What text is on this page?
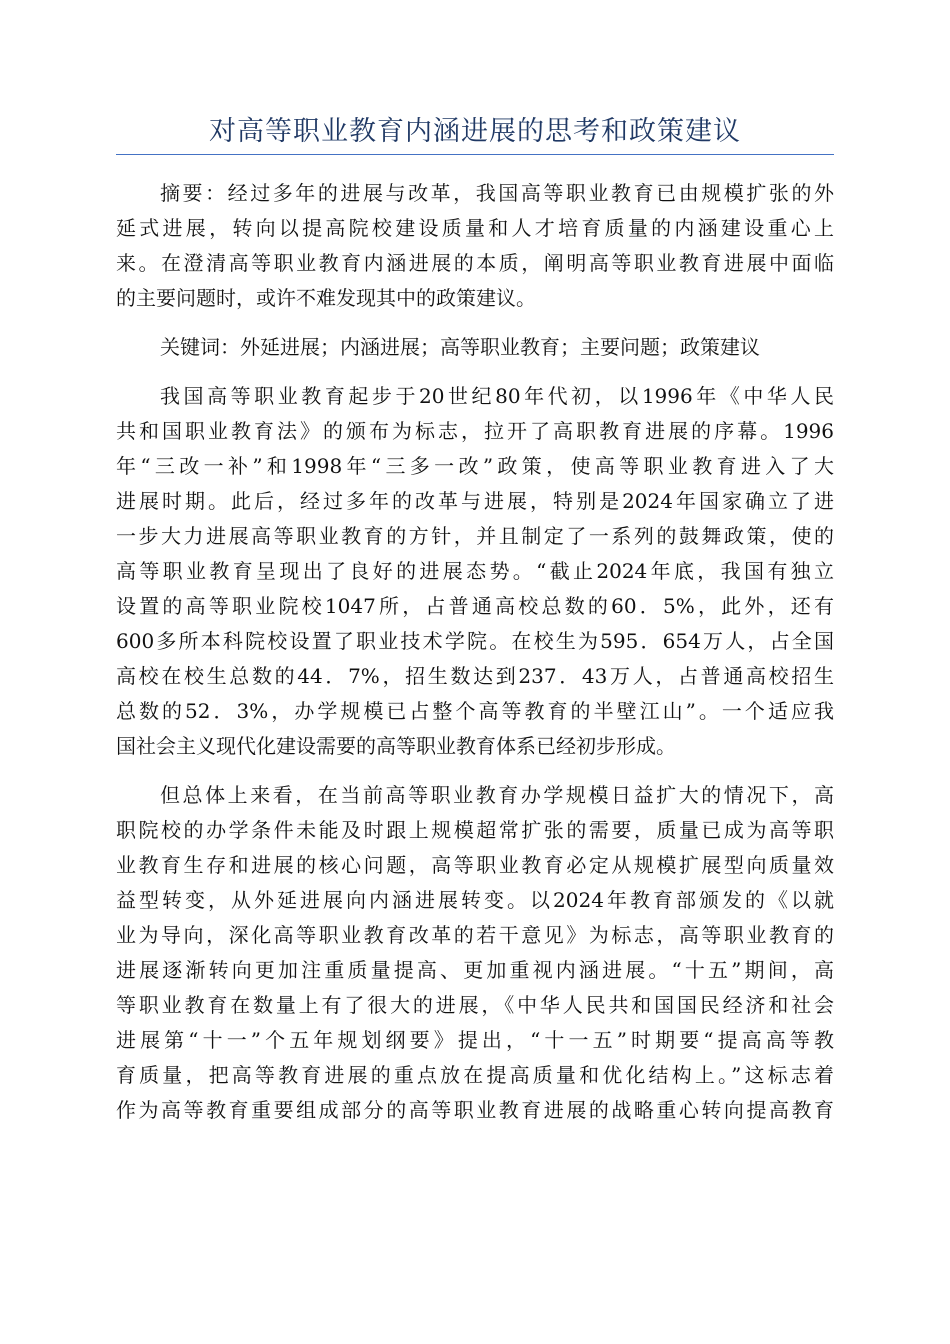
对高等职业教育内涵进展的思考和政策建议
摘要：经过多年的进展与改革，我国高等职业教育已由规模扩张的外
延式进展，转向以提高院校建设质量和人才培育质量的内涵建设重心上
来。在澄清高等职业教育内涵进展的本质，阐明高等职业教育进展中面临
的主要问题时，或许不难发现其中的政策建议。
关键词：外延进展；内涵进展；高等职业教育；主要问题；政策建议
我国高等职业教育起步于20世纪80年代初，以1996年《中华人民
共和国职业教育法》的颁布为标志，拉开了高职教育进展的序幕。1996
年“三改一补”和1998年“三多一改”政策，使高等职业教育进入了大
进展时期。此后，经过多年的改革与进展，特别是2024年国家确立了进
一步大力进展高等职业教育的方针，并且制定了一系列的鼓舞政策，使的
高等职业教育呈现出了良好的进展态势。“截止2024年底，我国有独立
设置的高等职业院校1047所，占普通高校总数的60．5%，此外，还有
600多所本科院校设置了职业技术学院。在校生为595．654万人，占全国
高校在校生总数的44．7%，招生数达到237．43万人，占普通高校招生
总数的52．3%，办学规模已占整个高等教育的半壁江山”。一个适应我
国社会主义现代化建设需要的高等职业教育体系已经初步形成。
但总体上来看，在当前高等职业教育办学规模日益扩大的情况下，高
职院校的办学条件未能及时跟上规模超常扩张的需要，质量已成为高等职
业教育生存和进展的核心问题，高等职业教育必定从规模扩展型向质量效
益型转变，从外延进展向内涵进展转变。以2024年教育部颁发的《以就
业为导向，深化高等职业教育改革的若干意见》为标志，高等职业教育的
进展逐渐转向更加注重质量提高、更加重视内涵进展。“十五”期间，高
等职业教育在数量上有了很大的进展，《中华人民共和国国民经济和社会
进展第“十一”个五年规划纲要》提出，“十一五”时期要“提高高等教
育质量，把高等教育进展的重点放在提高质量和优化结构上。”这标志着
作为高等教育重要组成部分的高等职业教育进展的战略重心转向提高教育
